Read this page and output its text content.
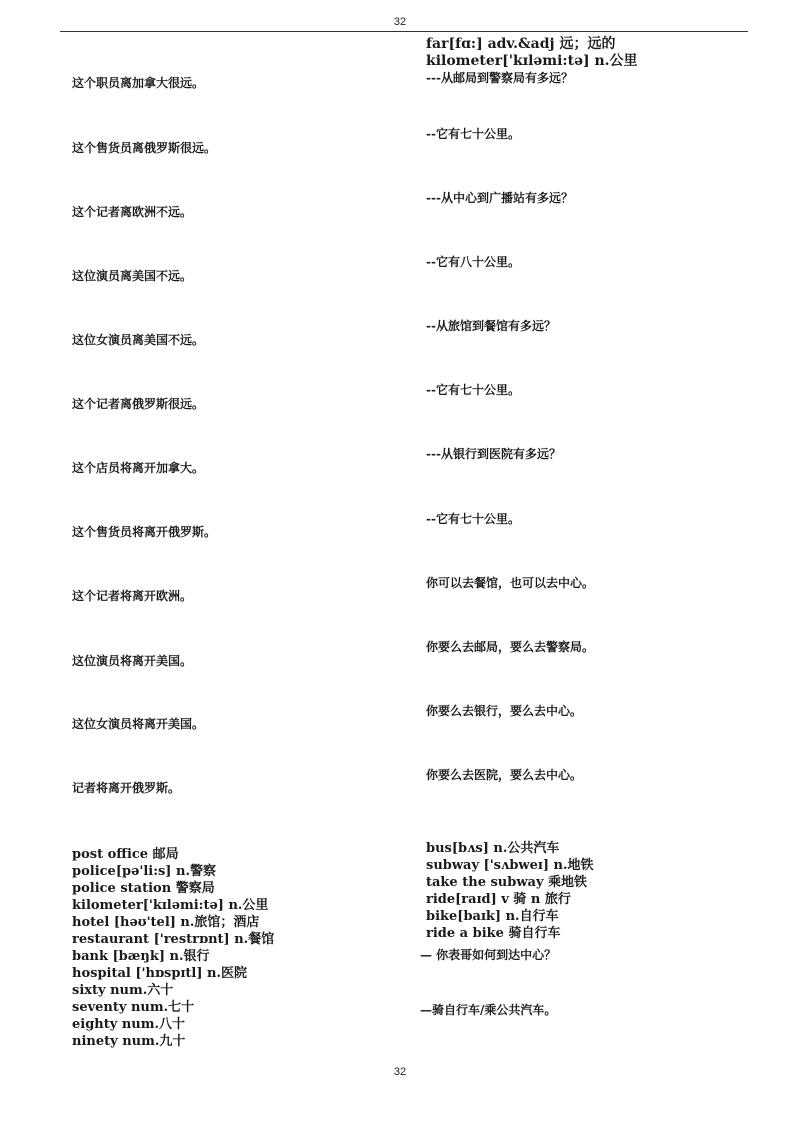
32
这个职员离加拿大很远。
这个售货员离俄罗斯很远。
这个记者离欧洲不远。
这位演员离美国不远。
这位女演员离美国不远。
这个记者离俄罗斯很远。
这个店员将离开加拿大。
这个售货员将离开俄罗斯。
这个记者将离开欧洲。
这位演员将离开美国。
这位女演员将离开美国。
记者将离开俄罗斯。
post office 邮局
police[pə'li:s] n.警察
police station 警察局
kilometer['kɪləmi:tə] n.公里
hotel [həʊ'tel] n.旅馆；酒店
restaurant ['restrɒnt] n.餐馆
bank [bæŋk] n.银行
hospital ['hɒspɪtl] n.医院
sixty num.六十
seventy num.七十
eighty num.八十
ninety num.九十
far[fɑ:] adv.&adj 远；远的
kilometer['kɪləmi:tə] n.公里
---从邮局到警察局有多远？
--它有七十公里。
---从中心到广播站有多远？
--它有八十公里。
--从旅馆到餐馆有多远？
--它有七十公里。
---从银行到医院有多远？
--它有七十公里。
你可以去餐馆，也可以去中心。
你要么去邮局，要么去警察局。
你要么去银行，要么去中心。
你要么去医院，要么去中心。
bus[bʌs] n.公共汽车
subway ['sʌbweɪ] n.地铁
take the subway 乘地铁
ride[raɪd] v 骑 n 旅行
bike[baɪk] n.自行车
ride a bike 骑自行车
— 你表哥如何到达中心？
—骑自行车/乘公共汽车。
32
